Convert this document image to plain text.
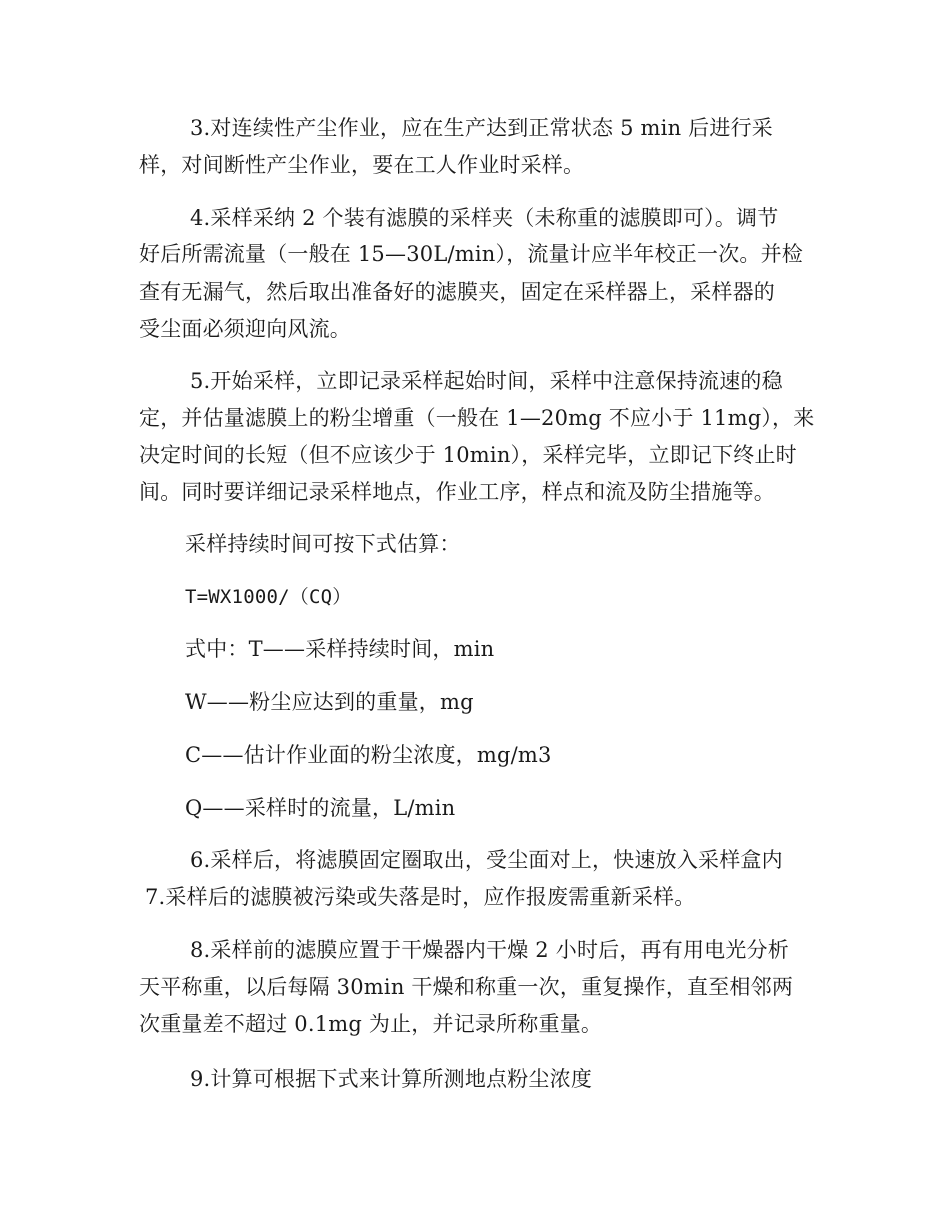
3.对连续性产尘作业，应在生产达到正常状态 5 min 后进行采
样，对间断性产尘作业，要在工人作业时采样。
4.采样采纳 2 个装有滤膜的采样夹（未称重的滤膜即可）。调节
好后所需流量（一般在 15—30L/min），流量计应半年校正一次。并检
查有无漏气，然后取出准备好的滤膜夹，固定在采样器上，采样器的
受尘面必须迎向风流。
5.开始采样，立即记录采样起始时间，采样中注意保持流速的稳
定，并估量滤膜上的粉尘增重（一般在 1—20mg 不应小于 11mg），来
决定时间的长短（但不应该少于 10min），采样完毕，立即记下终止时
间。同时要详细记录采样地点，作业工序，样点和流及防尘措施等。
采样持续时间可按下式估算：
T=WX1000/（CQ）
式中：T——采样持续时间，min
W——粉尘应达到的重量，mg
C——估计作业面的粉尘浓度，mg/m3
Q——采样时的流量，L/min
6.采样后，将滤膜固定圈取出，受尘面对上，快速放入采样盒内
7.采样后的滤膜被污染或失落是时，应作报废需重新采样。
8.采样前的滤膜应置于干燥器内干燥 2 小时后，再有用电光分析
天平称重，以后每隔 30min 干燥和称重一次，重复操作，直至相邻两
次重量差不超过 0.1mg 为止，并记录所称重量。
9.计算可根据下式来计算所测地点粉尘浓度
